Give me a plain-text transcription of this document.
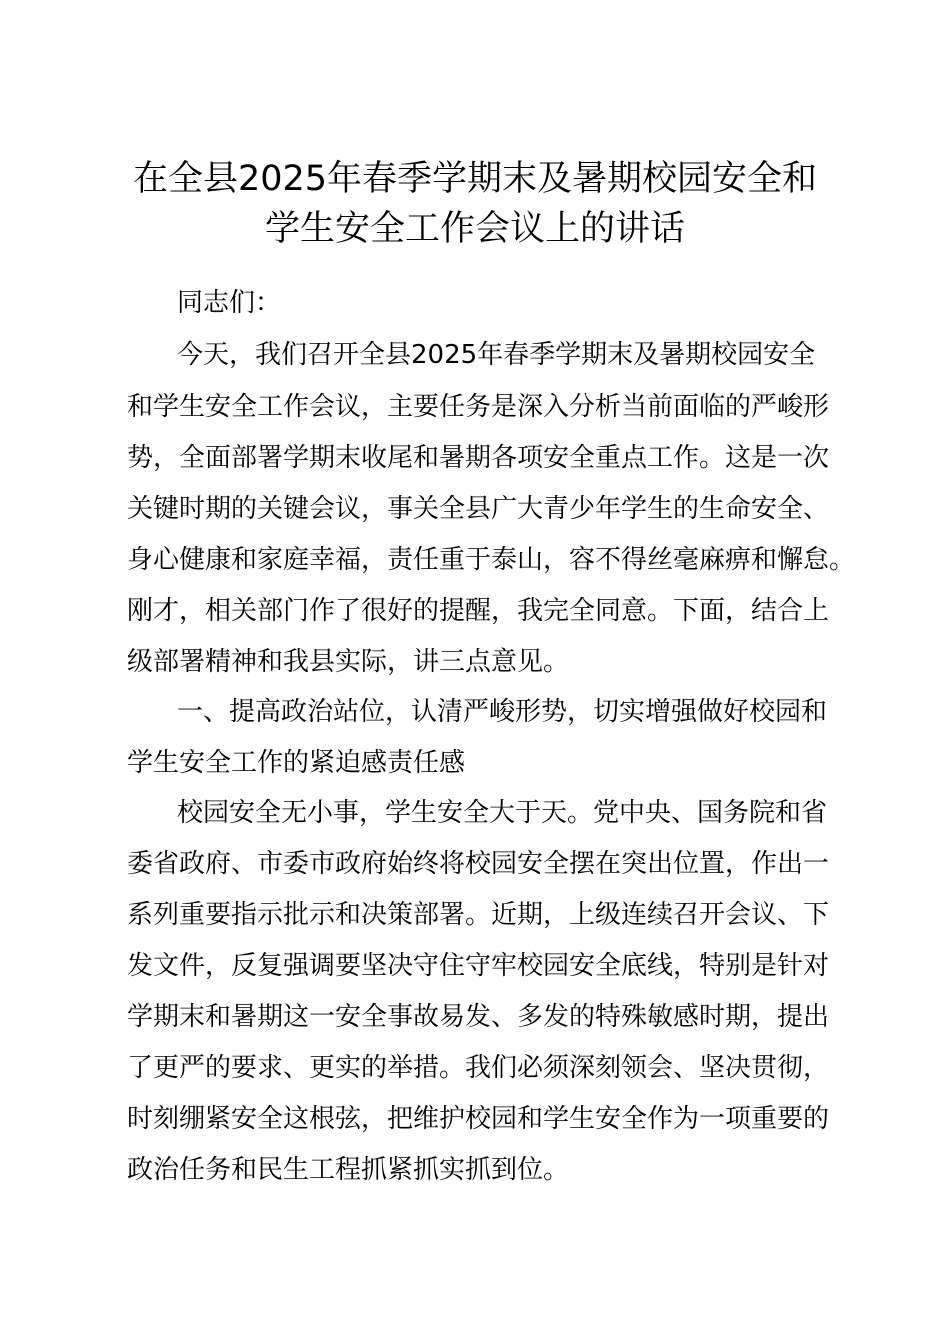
在全县2025年春季学期末及暑期校园安全和
学生安全工作会议上的讲话

同志们：

今天，我们召开全县2025年春季学期末及暑期校园安全

和学生安全工作会议，主要任务是深入分析当前面临的严峻形

势，全面部署学期末收尾和暑期各项安全重点工作。这是一次

关键时期的关键会议，事关全县广大青少年学生的生命安全、

身心健康和家庭幸福，责任重于泰山，容不得丝毫麻痹和懈怠。

刚才，相关部门作了很好的提醒，我完全同意。下面，结合上

级部署精神和我县实际，讲三点意见。

一、提高政治站位，认清严峻形势，切实增强做好校园和

学生安全工作的紧迫感责任感

校园安全无小事，学生安全大于天。党中央、国务院和省

委省政府、市委市政府始终将校园安全摆在突出位置，作出一

系列重要指示批示和决策部署。近期，上级连续召开会议、下

发文件，反复强调要坚决守住守牢校园安全底线，特别是针对

学期末和暑期这一安全事故易发、多发的特殊敏感时期，提出

了更严的要求、更实的举措。我们必须深刻领会、坚决贯彻，

时刻绷紧安全这根弦，把维护校园和学生安全作为一项重要的

政治任务和民生工程抓紧抓实抓到位。
